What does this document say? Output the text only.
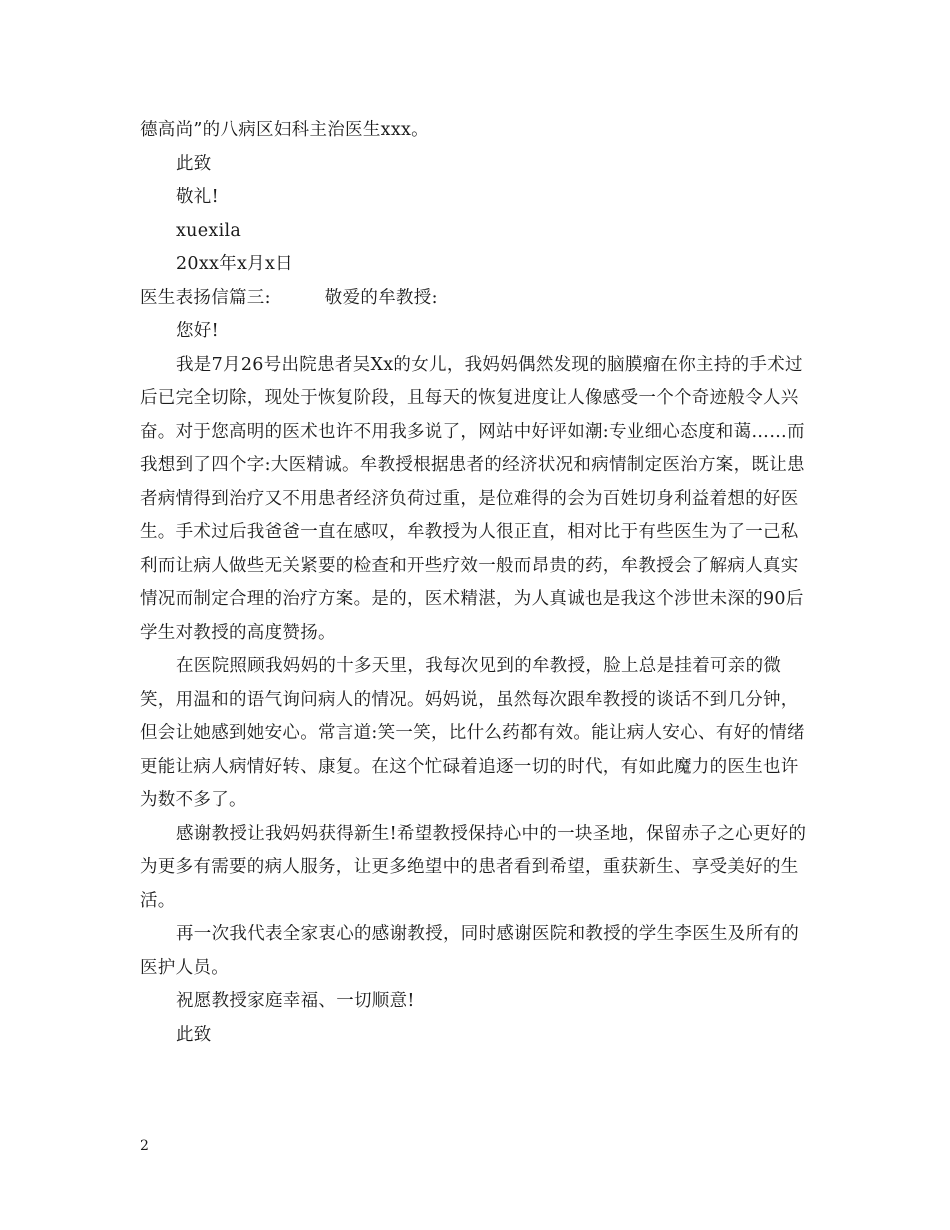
德高尚”的八病区妇科主治医生xxx。

此致

敬礼!

xuexila

20xx年x月x日

医生表扬信篇三:	敬爱的牟教授:

您好!

我是7月26号出院患者吴Xx的女儿，我妈妈偶然发现的脑膜瘤在你主持的手术过后已完全切除，现处于恢复阶段，且每天的恢复进度让人像感受一个个奇迹般令人兴奋。对于您高明的医术也许不用我多说了，网站中好评如潮:专业细心态度和蔼……而我想到了四个字:大医精诚。牟教授根据患者的经济状况和病情制定医治方案，既让患者病情得到治疗又不用患者经济负荷过重，是位难得的会为百姓切身利益着想的好医生。手术过后我爸爸一直在感叹，牟教授为人很正直，相对比于有些医生为了一己私利而让病人做些无关紧要的检查和开些疗效一般而昂贵的药，牟教授会了解病人真实情况而制定合理的治疗方案。是的，医术精湛，为人真诚也是我这个涉世未深的90后学生对教授的高度赞扬。

在医院照顾我妈妈的十多天里，我每次见到的牟教授，脸上总是挂着可亲的微笑，用温和的语气询问病人的情况。妈妈说，虽然每次跟牟教授的谈话不到几分钟，但会让她感到她安心。常言道:笑一笑，比什么药都有效。能让病人安心、有好的情绪更能让病人病情好转、康复。在这个忙碌着追逐一切的时代，有如此魔力的医生也许为数不多了。

感谢教授让我妈妈获得新生!希望教授保持心中的一块圣地，保留赤子之心更好的为更多有需要的病人服务，让更多绝望中的患者看到希望，重获新生、享受美好的生活。

再一次我代表全家衷心的感谢教授，同时感谢医院和教授的学生李医生及所有的医护人员。

祝愿教授家庭幸福、一切顺意!

此致

2
